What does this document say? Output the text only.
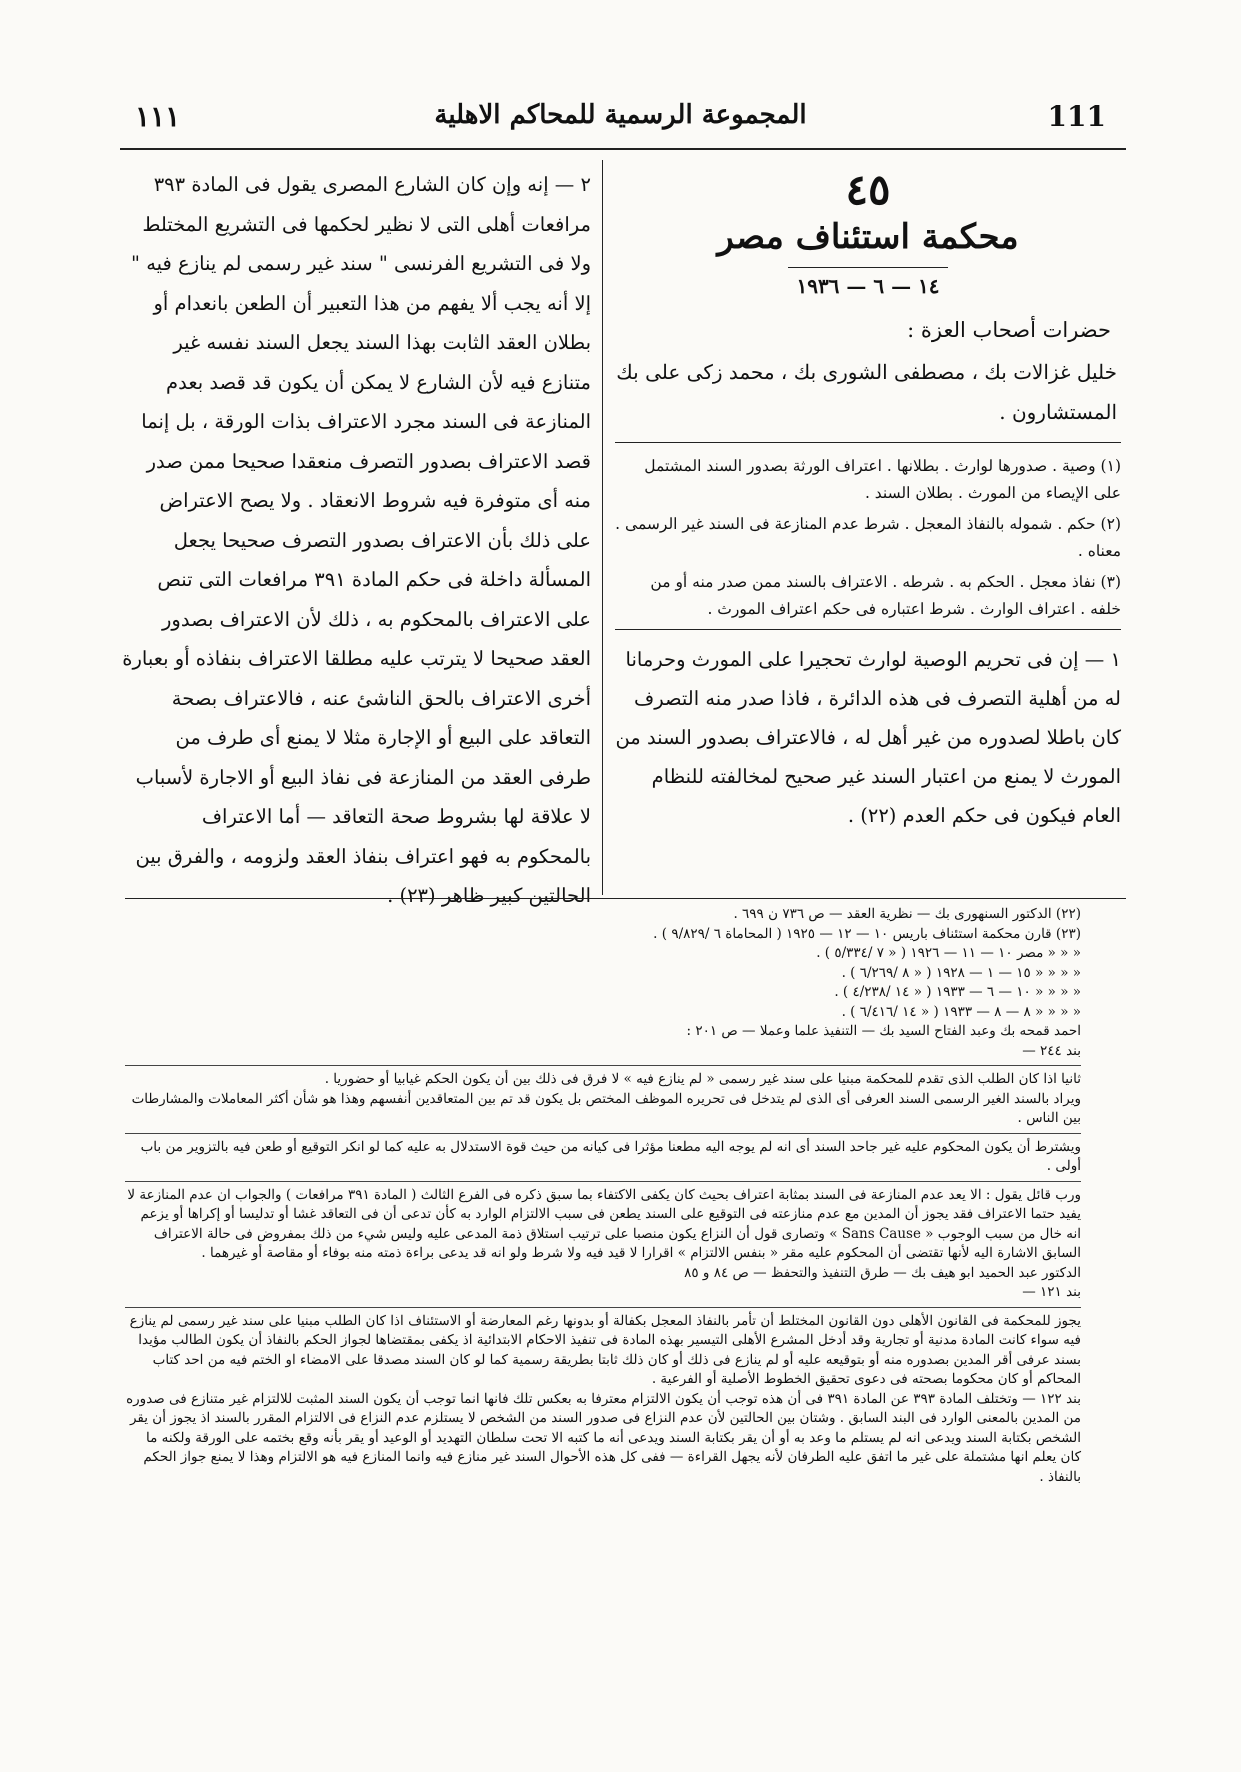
١١١	المجموعة الرسمية للمحاكم الاهلية	111
٤٥
محكمة استئناف مصر
١٤ — ٦ — ١٩٣٦
حضرات أصحاب العزة :
خليل غزالات بك ، مصطفى الشورى بك ، محمد زكى على بك المستشارون .
(١) وصية . صدورها لوارث . بطلانها . اعتراف الورثة بصدور السند المشتمل على الإيصاء من المورث . بطلان السند .
(٢) حكم . شموله بالنفاذ المعجل . شرط عدم المنازعة فى السند غير الرسمى . معناه .
(٣) نفاذ معجل . الحكم به . شرطه . الاعتراف بالسند ممن صدر منه أو من خلفه . اعتراف الوارث . شرط اعتباره فى حكم اعتراف المورث .
١ — إن فى تحريم الوصية لوارث تحجيرا على المورث وحرمانا له من أهلية التصرف فى هذه الدائرة ، فاذا صدر منه التصرف كان باطلا لصدوره من غير أهل له ، فالاعتراف بصدور السند من المورث لا يمنع من اعتبار السند غير صحيح لمخالفته للنظام العام فيكون فى حكم العدم (٢٢) .
٢ — إنه وإن كان الشارع المصرى يقول فى المادة ٣٩٣ مرافعات أهلى التى لا نظير لحكمها فى التشريع المختلط ولا فى التشريع الفرنسى " سند غير رسمى لم ينازع فيه " إلا أنه يجب ألا يفهم من هذا التعبير أن الطعن بانعدام أو بطلان العقد الثابت بهذا السند يجعل السند نفسه غير متنازع فيه لأن الشارع لا يمكن أن يكون قد قصد بعدم المنازعة فى السند مجرد الاعتراف بذات الورقة ، بل إنما قصد الاعتراف بصدور التصرف منعقدا صحيحا ممن صدر منه أى متوفرة فيه شروط الانعقاد . ولا يصح الاعتراض على ذلك بأن الاعتراف بصدور التصرف صحيحا يجعل المسألة داخلة فى حكم المادة ٣٩١ مرافعات التى تنص على الاعتراف بالمحكوم به ، ذلك لأن الاعتراف بصدور العقد صحيحا لا يترتب عليه مطلقا الاعتراف بنفاذه أو بعبارة أخرى الاعتراف بالحق الناشئ عنه ، فالاعتراف بصحة التعاقد على البيع أو الإجارة مثلا لا يمنع أى طرف من طرفى العقد من المنازعة فى نفاذ البيع أو الاجارة لأسباب لا علاقة لها بشروط صحة التعاقد — أما الاعتراف بالمحكوم به فهو اعتراف بنفاذ العقد ولزومه ، والفرق بين الحالتين كبير ظاهر (٢٣) .

(٢٢) الدكتور السنهورى بك — نظرية العقد — ص ٧٣٦ ن ٦٩٩ .

(٢٣) قارن محكمة استئناف باريس ١٠ — ١٢ — ١٩٢٥ ( المحاماة ٦ /٩/٨٢٩ ) .
« « « مصر ١٠ — ١١ — ١٩٢٦ ( « ٧ /٥/٣٣٤ ) .
« « « « ١٥ — ١ — ١٩٢٨ ( « ٨ /٦/٢٦٩ ) .
« « « « ١٠ — ٦ — ١٩٣٣ ( « ١٤ /٤/٢٣٨ ) .
« « « « ٨ — ٨ — ١٩٣٣ ( « ١٤ /٦/٤١٦ ) .

احمد قمحه بك وعبد الفتاح السيد بك — التنفيذ علما وعملا — ص ٢٠١ :

بند ٢٤٤ —

ثانيا اذا كان الطلب الذى تقدم للمحكمة مبنيا على سند غير رسمى « لم ينازع فيه » لا فرق فى ذلك بين أن يكون الحكم غيابيا أو حضوريا .

ويراد بالسند الغير الرسمى السند العرفى أى الذى لم يتدخل فى تحريره الموظف المختص بل يكون قد تم بين المتعاقدين أنفسهم وهذا هو شأن أكثر المعاملات والمشارطات بين الناس .

ويشترط أن يكون المحكوم عليه غير جاحد السند أى انه لم يوجه اليه مطعنا مؤثرا فى كيانه من حيث قوة الاستدلال به عليه كما لو انكر التوقيع أو طعن فيه بالتزوير من باب أولى .

ورب قائل يقول : الا يعد عدم المنازعة فى السند بمثابة اعتراف بحيث كان يكفى الاكتفاء بما سبق ذكره فى الفرع الثالث ( المادة ٣٩١ مرافعات ) والجواب ان عدم المنازعة لا يفيد حتما الاعتراف فقد يجوز أن المدين مع عدم منازعته فى التوقيع على السند يطعن فى سبب الالتزام الوارد به كأن تدعى أن فى التعاقد غشا أو تدليسا أو إكراها أو يزعم انه خال من سبب الوجوب « Sans Cause » وتصارى قول أن النزاع يكون منصبا على ترتيب استلاق ذمة المدعى عليه وليس شيء من ذلك بمفروض فى حالة الاعتراف السابق الاشارة اليه لأنها تقتضى أن المحكوم عليه مقر « بنفس الالتزام » اقرارا لا قيد فيه ولا شرط ولو انه قد يدعى براءة ذمته منه بوفاء أو مقاصة أو غيرهما .

الدكتور عبد الحميد ابو هيف بك — طرق التنفيذ والتحفظ — ص ٨٤ و ٨٥

بند ١٢١ —

يجوز للمحكمة فى القانون الأهلى دون القانون المختلط أن تأمر بالنفاذ المعجل بكفالة أو بدونها رغم المعارضة أو الاستئناف اذا كان الطلب مبنيا على سند غير رسمى لم ينازع فيه سواء كانت المادة مدنية أو تجارية وقد أدخل المشرع الأهلى التيسير بهذه المادة فى تنفيذ الاحكام الابتدائية اذ يكفى بمقتضاها لجواز الحكم بالنفاذ أن يكون الطالب مؤيدا بسند عرفى أقر المدين بصدوره منه أو بتوقيعه عليه أو لم ينازع فى ذلك أو كان ذلك ثابتا بطريقة رسمية كما لو كان السند مصدقا على الامضاء او الختم فيه من احد كتاب المحاكم أو كان محكوما بصحته فى دعوى تحقيق الخطوط الأصلية أو الفرعية .

بند ١٢٢ — وتختلف المادة ٣٩٣ عن المادة ٣٩١ فى أن هذه توجب أن يكون الالتزام معترفا به بعكس تلك فانها انما توجب أن يكون السند المثبت للالتزام غير متنازع فى صدوره من المدين بالمعنى الوارد فى البند السابق . وشتان بين الحالتين لأن عدم النزاع فى صدور السند من الشخص لا يستلزم عدم النزاع فى الالتزام المقرر بالسند اذ يجوز أن يقر الشخص بكتابة السند ويدعى انه لم يستلم ما وعد به أو أن يقر بكتابة السند ويدعى أنه ما كتبه الا تحت سلطان التهديد أو الوعيد أو يقر بأنه وقع بختمه على الورقة ولكنه ما كان يعلم انها مشتملة على غير ما اتفق عليه الطرفان لأنه يجهل القراءة — ففى كل هذه الأحوال السند غير منازع فيه وانما المنازع فيه هو الالتزام وهذا لا يمنع جواز الحكم بالنفاذ .
